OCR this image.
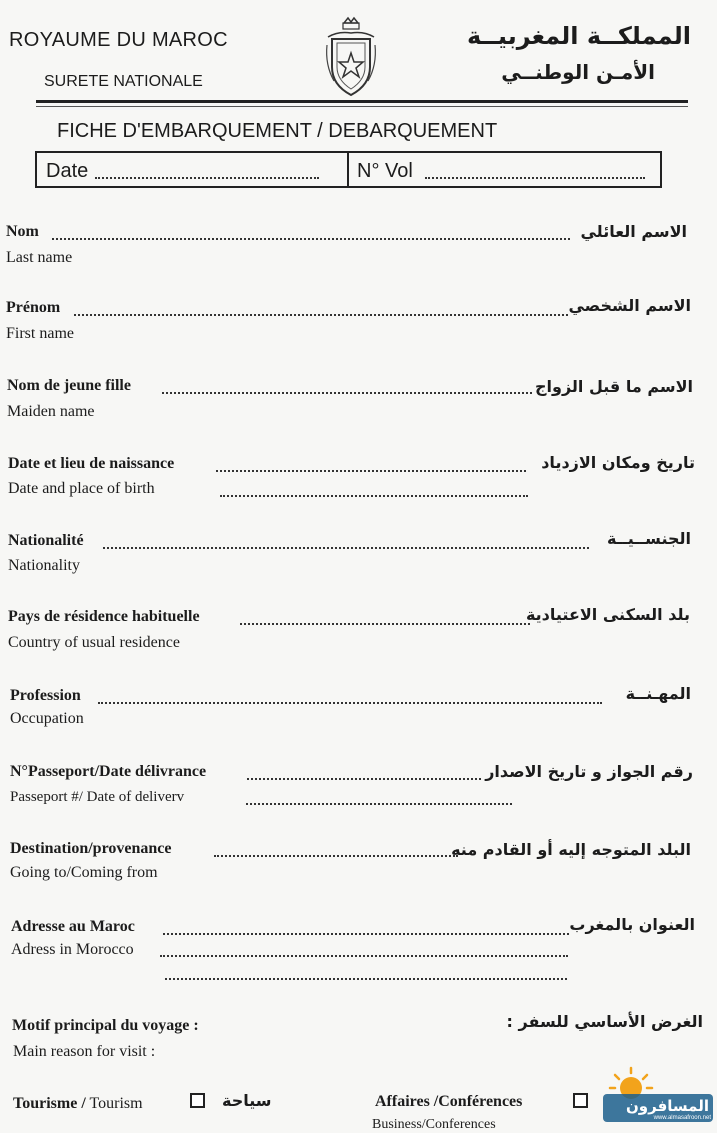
ROYAUME DU MAROC
SURETE NATIONALE
المملكــة المغربيــة
الأمـن الوطنــي
FICHE D'EMBARQUEMENT / DEBARQUEMENT
Date	N° Vol
Nom	الاسم العائلي
Last name
Prénom	الاسم الشخصي
First name
Nom de jeune fille	الاسم ما قبل الزواج
Maiden name
Date et lieu de naissance	تاريخ ومكان الازدياد
Date and place of birth
Nationalité	الجنســيــة
Nationality
Pays de résidence habituelle	بلد السكنى الاعتيادية
Country of usual residence
Profession	المهـنــة
Occupation
N°Passeport/Date délivrance	رقم الجواز و تاريخ الاصدار
Passeport #/ Date of deliverv
Destination/provenance	البلد المتوجه إليه أو القادم منه
Going to/Coming from
Adresse au Maroc	العنوان بالمغرب
Adress in Morocco
Motif principal du voyage :	الغرض الأساسي للسفر :
Main reason for visit :
Tourisme / Tourism	سياحة	Affaires /Conférences
Business/Conferences
المسافرون
www.almasafroon.net
